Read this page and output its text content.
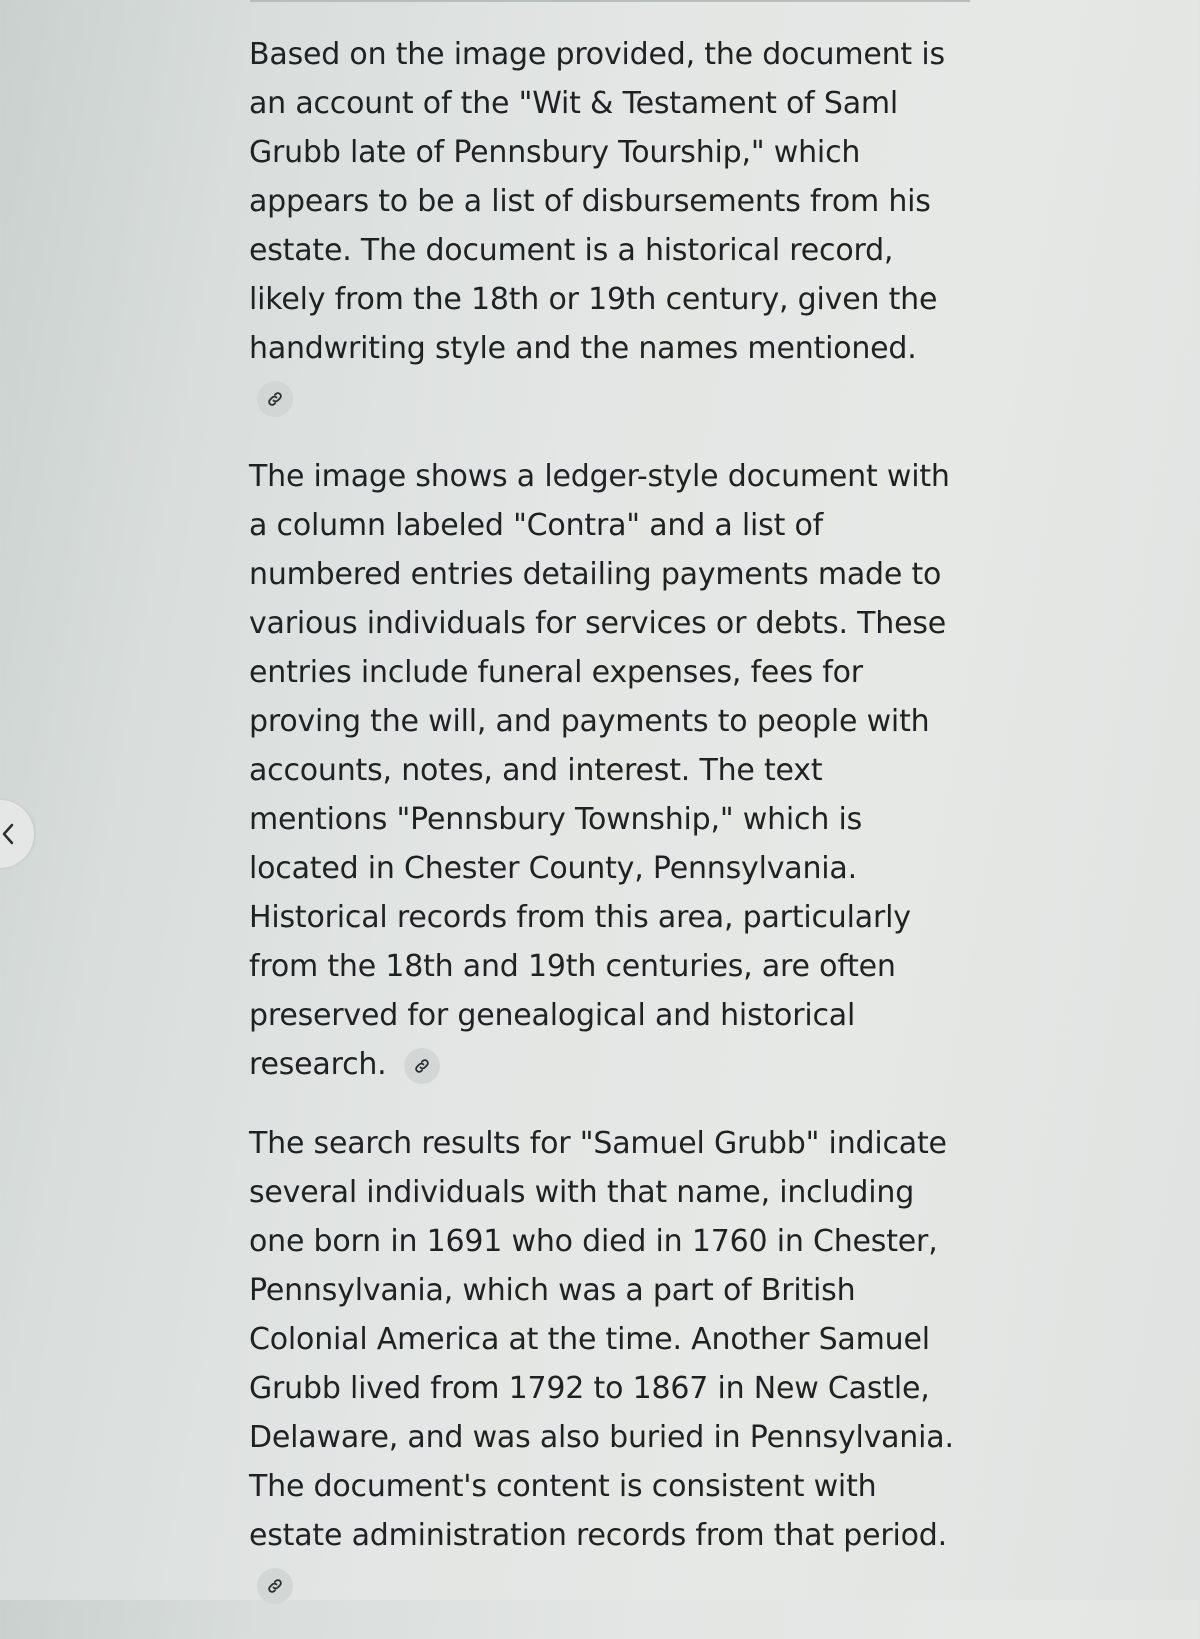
Based on the image provided, the document is an account of the "Wit & Testament of Saml Grubb late of Pennsbury Tourship," which appears to be a list of disbursements from his estate. The document is a historical record, likely from the 18th or 19th century, given the handwriting style and the names mentioned.

The image shows a ledger-style document with a column labeled "Contra" and a list of numbered entries detailing payments made to various individuals for services or debts. These entries include funeral expenses, fees for proving the will, and payments to people with accounts, notes, and interest. The text mentions "Pennsbury Township," which is located in Chester County, Pennsylvania. Historical records from this area, particularly from the 18th and 19th centuries, are often preserved for genealogical and historical research.

The search results for "Samuel Grubb" indicate several individuals with that name, including one born in 1691 who died in 1760 in Chester, Pennsylvania, which was a part of British Colonial America at the time. Another Samuel Grubb lived from 1792 to 1867 in New Castle, Delaware, and was also buried in Pennsylvania. The document's content is consistent with estate administration records from that period.
